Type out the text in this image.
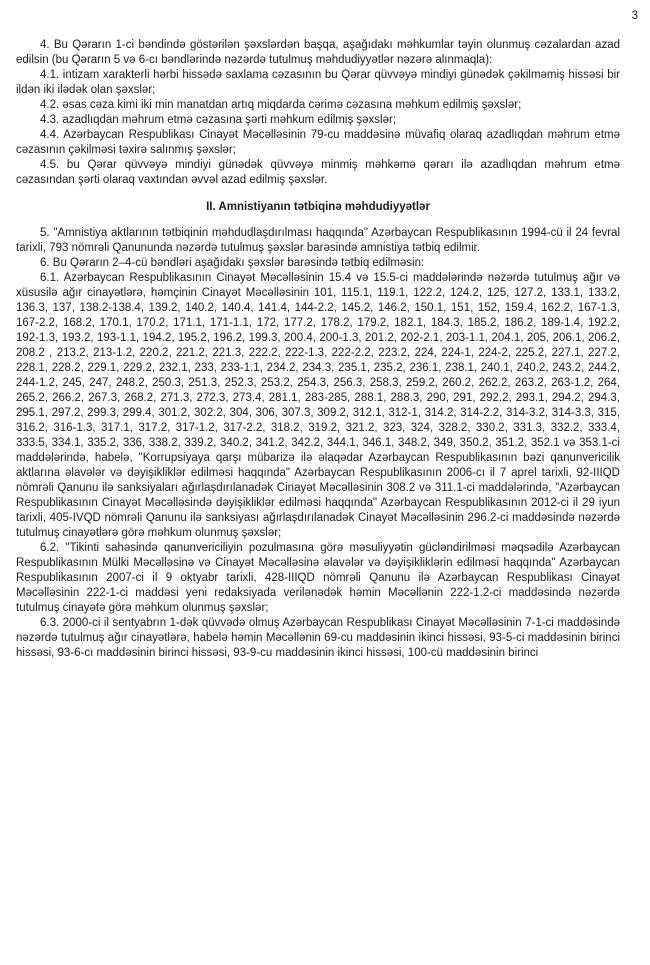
3

4. Bu Qərarın 1-ci bəndində göstərilən şəxslərdən başqa, aşağıdakı məhkumlar təyin olunmuş cəzalardan azad edilsin (bu Qərarın 5 və 6-cı bəndlərində nəzərdə tutulmuş məhdudiyyətlər nəzərə alınmaqla):

4.1. intizam xarakterli hərbi hissədə saxlama cəzasının bu Qərar qüvvəyə mindiyi günədək çəkilməmiş hissəsi bir ildən iki ilədək olan şəxslər;

4.2. əsas cəza kimi iki min manatdan artıq miqdarda cərimə cəzasına məhkum edilmiş şəxslər;

4.3. azadlıqdan məhrum etmə cəzasına şərti məhkum edilmiş şəxslər;

4.4. Azərbaycan Respublikası Cinayət Məcəlləsinin 79-cu maddəsinə müvafiq olaraq azadlıqdan məhrum etmə cəzasının çəkilməsi təxirə salınmış şəxslər;

4.5. bu Qərar qüvvəyə mindiyi günədək qüvvəyə minmiş məhkəmə qərarı ilə azadlıqdan məhrum etmə cəzasından şərti olaraq vaxtından əvvəl azad edilmiş şəxslər.

II. Amnistiyanın tətbiqinə məhdudiyyətlər

5. "Amnistiya aktlarının tətbiqinin məhdudlaşdırılması haqqında" Azərbaycan Respublikasının 1994-cü il 24 fevral tarixli, 793 nömrəli Qanununda nəzərdə tutulmuş şəxslər barəsində amnistiya tətbiq edilmir.

6. Bu Qərarın 2–4-cü bəndləri aşağıdakı şəxslər barəsində tətbiq edilməsin:

6.1. Azərbaycan Respublikasının Cinayət Məcəlləsinin 15.4 və 15.5-ci maddələrində nəzərdə tutulmuş ağır və xüsusilə ağır cinayətlərə, həmçinin Cinayət Məcəlləsinin 101, 115.1, 119.1, 122.2, 124.2, 125, 127.2, 133.1, 133.2, 136.3, 137, 138.2-138.4, 139.2, 140.2, 140.4, 141.4, 144-2.2, 145.2, 146.2, 150.1, 151, 152, 159.4, 162.2, 167-1.3, 167-2.2, 168.2, 170.1, 170.2, 171.1, 171-1.1, 172, 177.2, 178.2, 179.2, 182.1, 184.3, 185.2, 186.2, 189-1.4, 192.2, 192-1.3, 193.2, 193-1.1, 194.2, 195.2, 196.2, 199.3, 200.4, 200-1.3, 201.2, 202-2.1, 203-1.1, 204.1, 205, 206.1, 206.2, 208.2 , 213.2, 213-1.2, 220.2, 221.2, 221.3, 222.2, 222-1.3, 222-2.2, 223.2, 224, 224-1, 224-2, 225.2, 227.1, 227.2, 228.1, 228.2, 229.1, 229.2, 232.1, 233, 233-1.1, 234.2, 234.3, 235.1, 235.2, 236.1, 238.1, 240.1, 240.2, 243.2, 244.2, 244-1.2, 245, 247, 248.2, 250.3, 251.3, 252.3, 253.2, 254.3, 256.3, 258.3, 259.2, 260.2, 262.2, 263.2, 263-1.2, 264, 265.2, 266.2, 267.3, 268.2, 271.3, 272.3, 273.4, 281.1, 283-285, 288.1, 288.3, 290, 291, 292.2, 293.1, 294.2, 294.3, 295.1, 297.2, 299.3, 299.4, 301.2, 302.2, 304, 306, 307.3, 309.2, 312.1, 312-1, 314.2, 314-2.2, 314-3.2, 314-3.3, 315, 316.2, 316-1.3, 317.1, 317.2, 317-1.2, 317-2.2, 318.2, 319.2, 321.2, 323, 324, 328.2, 330.2, 331.3, 332.2, 333.4, 333.5, 334.1, 335.2, 336, 338.2, 339.2, 340.2, 341.2, 342.2, 344.1, 346.1, 348.2, 349, 350.2, 351.2, 352.1 və 353.1-ci maddələrində, habelə, "Korrupsiyaya qarşı mübarizə ilə əlaqədar Azərbaycan Respublikasının bəzi qanunvericilik aktlarına əlavələr və dəyişikliklər edilməsi haqqında" Azərbaycan Respublikasının 2006-cı il 7 aprel tarixli, 92-IIIQD nömrəli Qanunu ilə sanksiyaları ağırlaşdırılanadək Cinayət Məcəlləsinin 308.2 və 311.1-ci maddələrində, "Azərbaycan Respublikasının Cinayət Məcəlləsində dəyişikliklər edilməsi haqqında" Azərbaycan Respublikasının 2012-ci il 29 iyun tarixli, 405-IVQD nömrəli Qanunu ilə sanksiyası ağırlaşdırılanadək Cinayət Məcəlləsinin 296.2-ci maddəsində nəzərdə tutulmuş cinayətlərə görə məhkum olunmuş şəxslər;

6.2. "Tikinti sahəsində qanunvericiliyin pozulmasına görə məsuliyyətin gücləndirilməsi məqsədilə Azərbaycan Respublikasının Mülki Məcəlləsinə və Cinayət Məcəlləsinə əlavələr və dəyişikliklərin edilməsi haqqında" Azərbaycan Respublikasının 2007-ci il 9 oktyabr tarixli, 428-IIIQD nömrəli Qanunu ilə Azərbaycan Respublikası Cinayət Məcəlləsinin 222-1-ci maddəsi yeni redaksiyada verilənədək həmin Məcəllənin 222-1.2-ci maddəsində nəzərdə tutulmuş cinayətə görə məhkum olunmuş şəxslər;

6.3. 2000-ci il sentyabrın 1-dək qüvvədə olmuş Azərbaycan Respublikası Cinayət Məcəlləsinin 7-1-ci maddəsində nəzərdə tutulmuş ağır cinayətlərə, habelə həmin Məcəllənin 69-cu maddəsinin ikinci hissəsi, 93-5-ci maddəsinin birinci hissəsi, 93-6-cı maddəsinin birinci hissəsi, 93-9-cu maddəsinin ikinci hissəsi, 100-cü maddəsinin birinci
